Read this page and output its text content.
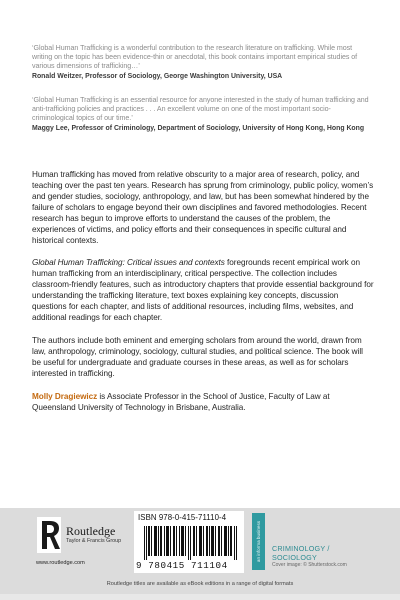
‘Global Human Trafficking is a wonderful contribution to the research literature on trafficking. While most writing on the topic has been evidence-thin or anecdotal, this book contains important empirical studies of various dimensions of trafficking…’
Ronald Weitzer, Professor of Sociology, George Washington University, USA
‘Global Human Trafficking is an essential resource for anyone interested in the study of human trafficking and anti-trafficking policies and practices . . . An excellent volume on one of the most important socio-criminological topics of our time.’
Maggy Lee, Professor of Criminology, Department of Sociology, University of Hong Kong, Hong Kong

Human trafficking has moved from relative obscurity to a major area of research, policy, and teaching over the past ten years. Research has sprung from criminology, public policy, women’s and gender studies, sociology, anthropology, and law, but has been somewhat hindered by the failure of scholars to engage beyond their own disciplines and favored methodologies. Recent research has begun to improve efforts to understand the causes of the problem, the experiences of victims, and policy efforts and their consequences in specific cultural and historical contexts.

Global Human Trafficking: Critical issues and contexts foregrounds recent empirical work on human trafficking from an interdisciplinary, critical perspective. The collection includes classroom-friendly features, such as introductory chapters that provide essential background for understanding the trafficking literature, text boxes explaining key concepts, discussion questions for each chapter, and lists of additional resources, including films, websites, and additional readings for each chapter.

The authors include both eminent and emerging scholars from around the world, drawn from law, anthropology, criminology, sociology, cultural studies, and political science. The book will be useful for undergraduate and graduate courses in these areas, as well as for scholars interested in trafficking.

Molly Dragiewicz is Associate Professor in the School of Justice, Faculty of Law at Queensland University of Technology in Brisbane, Australia.

Routledge
Taylor & Francis Group
www.routledge.com
ISBN 978-0-415-71110-4
9 780415 711104
an informa business CRIMINOLOGY /
SOCIOLOGY
Cover image: © Shutterstock.com
Routledge titles are available as eBook editions in a range of digital formats
